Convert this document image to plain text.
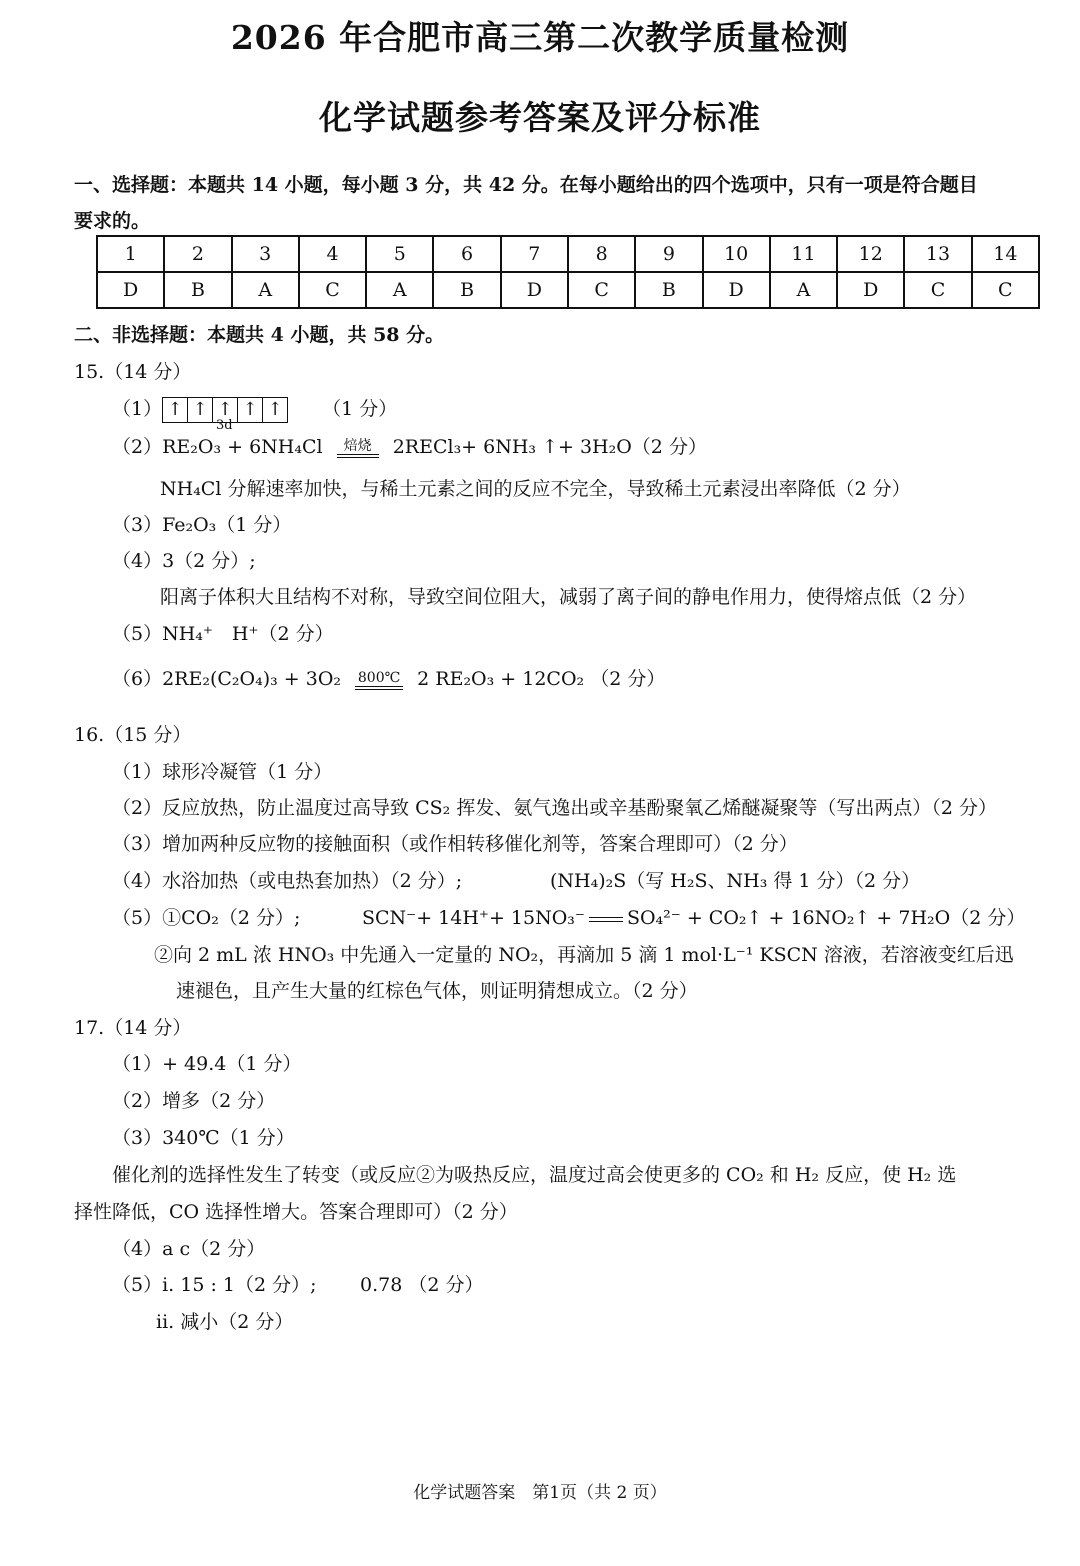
2026 年合肥市高三第二次教学质量检测
化学试题参考答案及评分标准
一、选择题：本题共 14 小题，每小题 3 分，共 42 分。在每小题给出的四个选项中，只有一项是符合题目
要求的。
1	2	3	4	5	6	7	8	9	10	11	12	13	14
D	B	A	C	A	B	D	C	B	D	A	D	C	C
二、非选择题：本题共 4 小题，共 58 分。
15.（14 分）
（1） ↑ ↑ ↑ ↑ ↑ （1 分）
3d
（2）RE₂O₃ + 6NH₄Cl	焙烧	2RECl₃+ 6NH₃ ↑+ 3H₂O（2 分）
NH₄Cl 分解速率加快，与稀土元素之间的反应不完全，导致稀土元素浸出率降低（2 分）
（3）Fe₂O₃（1 分）
（4）3（2 分）;
阳离子体积大且结构不对称，导致空间位阻大，减弱了离子间的静电作用力，使得熔点低（2 分）
（5）NH₄⁺　H⁺（2 分）
（6）2RE₂(C₂O₄)₃ + 3O₂ 800℃ 2 RE₂O₃ + 12CO₂ （2 分）
16.（15 分）
（1）球形冷凝管（1 分）
（2）反应放热，防止温度过高导致 CS₂ 挥发、氨气逸出或辛基酚聚氧乙烯醚凝聚等（写出两点）（2 分）
（3）增加两种反应物的接触面积（或作相转移催化剂等，答案合理即可）（2 分）
（4）水浴加热（或电热套加热）（2 分）;	(NH₄)₂S（写 H₂S、NH₃ 得 1 分）（2 分）
（5）①CO₂（2 分）;	SCN⁻+ 14H⁺+ 15NO₃⁻ SO₄²⁻ + CO₂↑ + 16NO₂↑ + 7H₂O（2 分）
②向 2 mL 浓 HNO₃ 中先通入一定量的 NO₂，再滴加 5 滴 1 mol·L⁻¹ KSCN 溶液，若溶液变红后迅
速褪色，且产生大量的红棕色气体，则证明猜想成立。（2 分）
17.（14 分）
（1）+ 49.4（1 分）
（2）增多（2 分）
（3）340℃（1 分）
催化剂的选择性发生了转变（或反应②为吸热反应，温度过高会使更多的 CO₂ 和 H₂ 反应，使 H₂ 选
择性降低，CO 选择性增大。答案合理即可）（2 分）
（4）a c（2 分）
（5）i. 15 : 1（2 分）; 0.78 （2 分）
ii. 减小（2 分）
化学试题答案　第1页（共 2 页）
